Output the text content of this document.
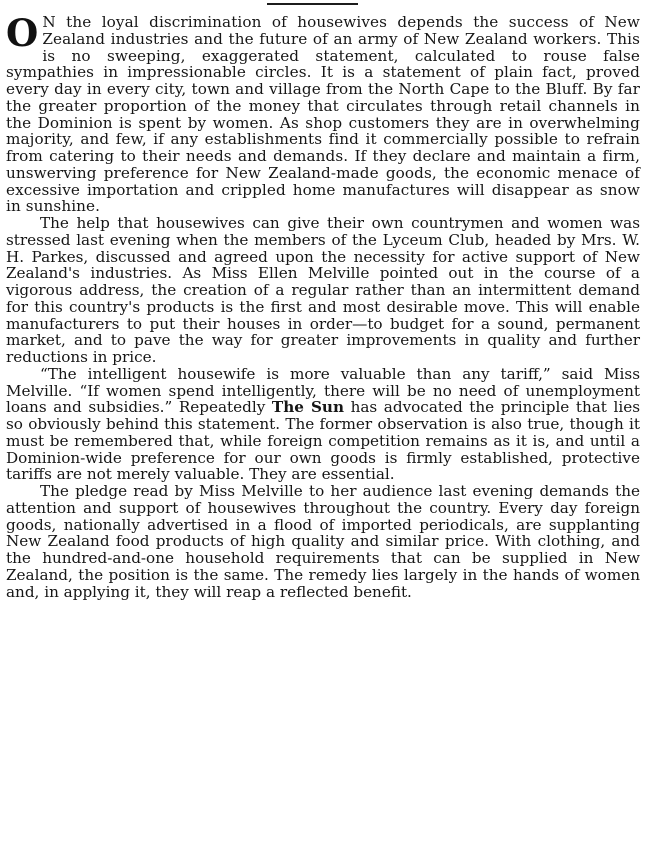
O N the loyal discrimination of housewives depends the success of New Zealand industries and the future of an army of New Zealand workers. This is no sweeping, exaggerated statement, calculated to rouse false sympathies in impressionable circles. It is a statement of plain fact, proved every day in every city, town and village from the North Cape to the Bluff. By far the greater proportion of the money that circulates through retail channels in the Dominion is spent by women. As shop customers they are in overwhelming majority, and few, if any establishments find it commercially possible to refrain from catering to their needs and demands. If they declare and maintain a firm, unswerving preference for New Zealand-made goods, the economic menace of excessive importation and crippled home manufactures will disappear as snow in sunshine.

The help that housewives can give their own countrymen and women was stressed last evening when the members of the Lyceum Club, headed by Mrs. W. H. Parkes, discussed and agreed upon the necessity for active support of New Zealand's industries. As Miss Ellen Melville pointed out in the course of a vigorous address, the creation of a regular rather than an intermittent demand for this country's products is the first and most desirable move. This will enable manufacturers to put their houses in order—to budget for a sound, permanent market, and to pave the way for greater improvements in quality and further reductions in price.

“The intelligent housewife is more valuable than any tariff,” said Miss Melville. “If women spend intelligently, there will be no need of unemployment loans and subsidies.” Repeatedly The Sun has advocated the principle that lies so obviously behind this statement. The former observation is also true, though it must be remembered that, while foreign competition remains as it is, and until a Dominion-wide preference for our own goods is firmly established, protective tariffs are not merely valuable. They are essential.

The pledge read by Miss Melville to her audience last evening demands the attention and support of housewives throughout the country. Every day foreign goods, nationally advertised in a flood of imported periodicals, are supplanting New Zealand food products of high quality and similar price. With clothing, and the hundred-and-one household requirements that can be supplied in New Zealand, the position is the same. The remedy lies largely in the hands of women and, in applying it, they will reap a reflected benefit.
